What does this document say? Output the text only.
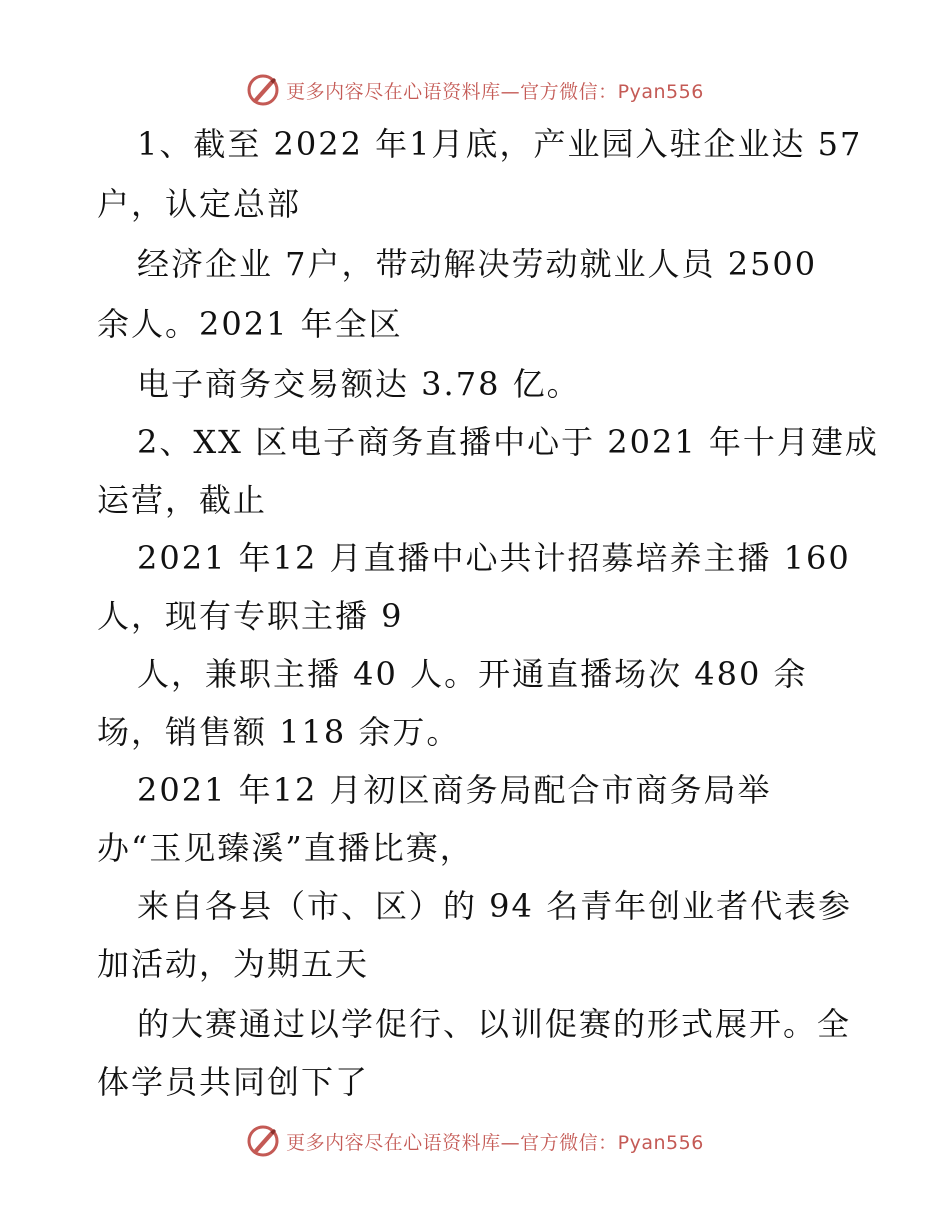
更多内容尽在心语资料库—官方微信：Pyan556
1、截至 2022 年1月底，产业园入驻企业达 57
户，认定总部
经济企业 7户，带动解决劳动就业人员 2500
余人。2021 年全区
电子商务交易额达 3.78 亿。
2、XX 区电子商务直播中心于 2021 年十月建成
运营，截止
2021 年12 月直播中心共计招募培养主播 160
人，现有专职主播 9
人，兼职主播 40 人。开通直播场次 480 余
场，销售额 118 余万。
2021 年12 月初区商务局配合市商务局举
办“玉见臻溪”直播比赛，
来自各县（市、区）的 94 名青年创业者代表参
加活动，为期五天
的大赛通过以学促行、以训促赛的形式展开。全
体学员共同创下了
更多内容尽在心语资料库—官方微信：Pyan556
